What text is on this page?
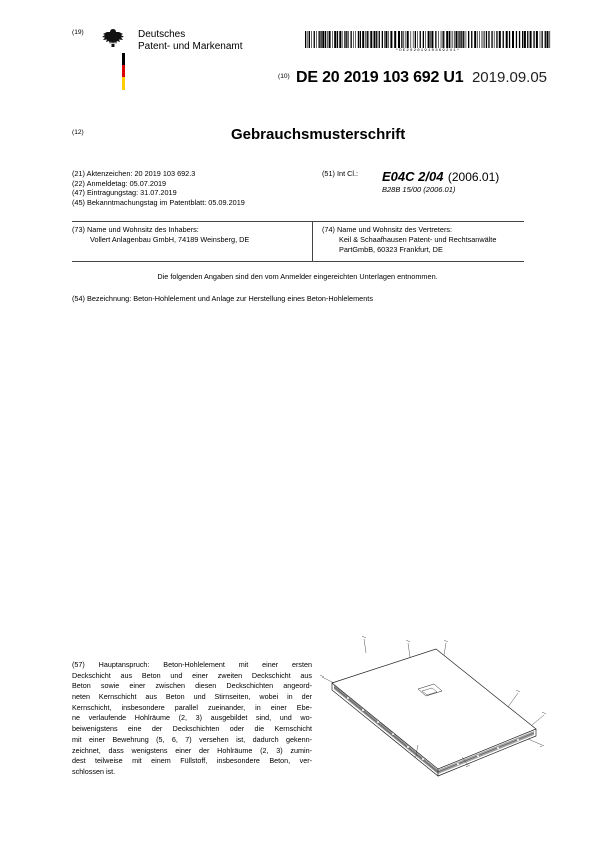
(19)	Deutsches
Patent- und Markenamt	*DE202019103692U1*
(10) DE 20 2019 103 692 U1 2019.09.05
(12)	Gebrauchsmusterschrift
(21) Aktenzeichen: 20 2019 103 692.3
(22) Anmeldetag: 05.07.2019
(47) Eintragungstag: 31.07.2019
(45) Bekanntmachungstag im Patentblatt: 05.09.2019
(51) Int Cl.: E04C 2/04 (2006.01)
B28B 15/00 (2006.01)
(73) Name und Wohnsitz des Inhabers:
Vollert Anlagenbau GmbH, 74189 Weinsberg, DE
(74) Name und Wohnsitz des Vertreters:
Keil & Schaafhausen Patent- und Rechtsanwälte
PartGmbB, 60323 Frankfurt, DE
Die folgenden Angaben sind den vom Anmelder eingereichten Unterlagen entnommen.
(54) Bezeichnung: Beton-Hohlelement und Anlage zur Herstellung eines Beton-Hohlelements
(57) Hauptanspruch: Beton-Hohlelement mit einer ersten
Deckschicht aus Beton und einer zweiten Deckschicht aus
Beton sowie einer zwischen diesen Deckschichten angeord-
neten Kernschicht aus Beton und Stirnseiten, wobei in der
Kernschicht, insbesondere parallel zueinander, in einer Ebe-
ne verlaufende Hohlräume (2, 3) ausgebildet sind, und wo-
beiwenigstens eine der Deckschichten oder die Kernschicht
mit einer Bewehrung (5, 6, 7) versehen ist, dadurch gekenn-
zeichnet, dass wenigstens einer der Hohlräume (2, 3) zumin-
dest teilweise mit einem Füllstoff, insbesondere Beton, ver-
schlossen ist.
